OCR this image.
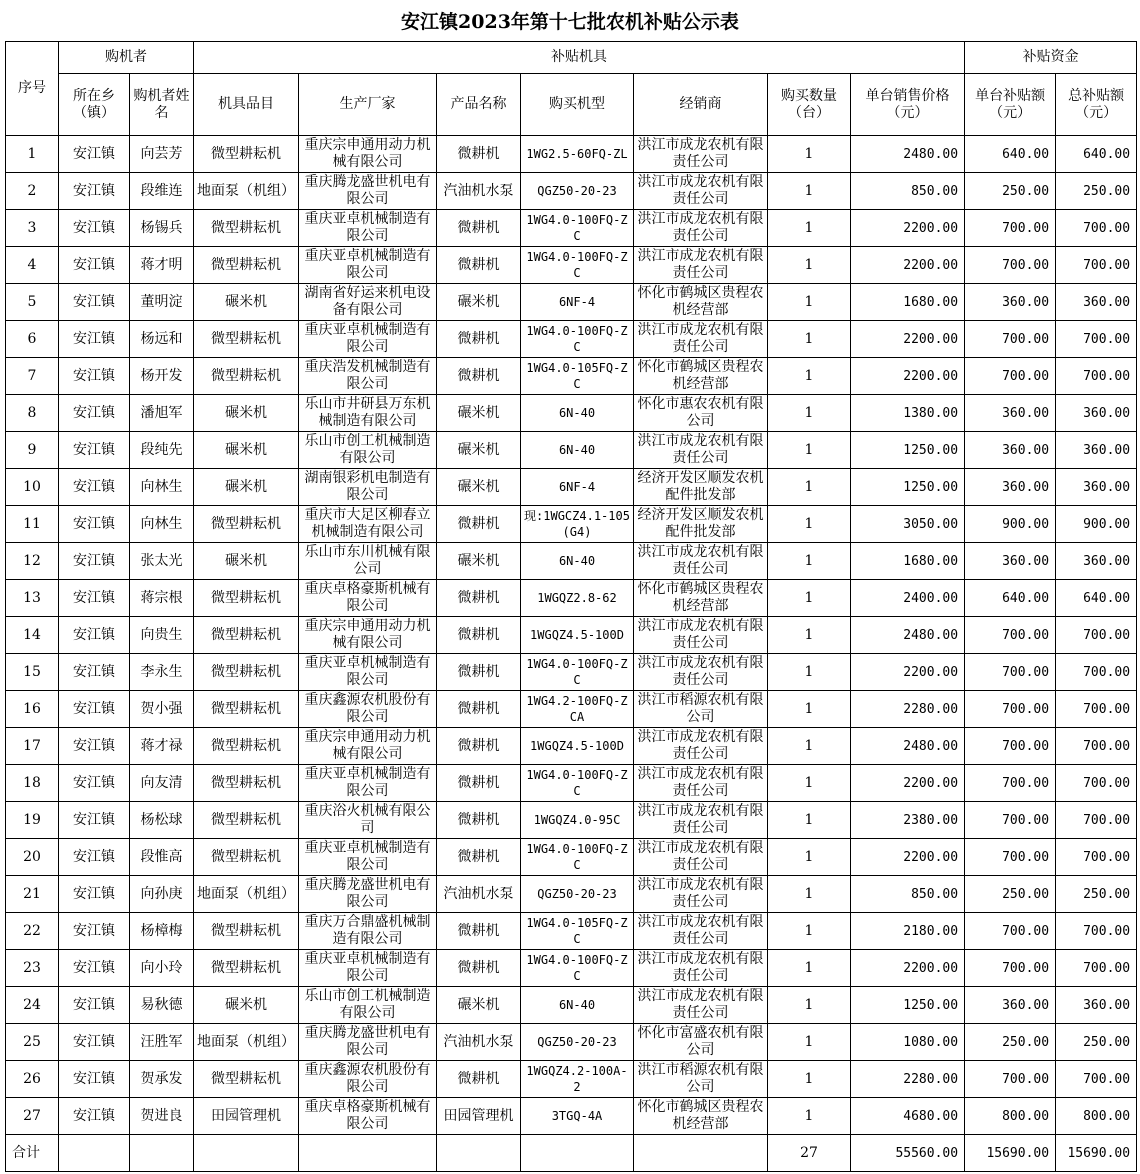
安江镇2023年第十七批农机补贴公示表
序号	购机者		补贴机具							补贴资金	
	所在乡（镇）	购机者姓名	机具品目	生产厂家	产品名称	购买机型	经销商	购买数量（台）	单台销售价格（元）	单台补贴额（元）	总补贴额（元）
1	安江镇	向芸芳	微型耕耘机	重庆宗申通用动力机械有限公司	微耕机	1WG2.5-60FQ-ZL	洪江市成龙农机有限责任公司	1	2480.00	640.00	640.00
2	安江镇	段维连	地面泵（机组）	重庆腾龙盛世机电有限公司	汽油机水泵	QGZ50-20-23	洪江市成龙农机有限责任公司	1	850.00	250.00	250.00
3	安江镇	杨锡兵	微型耕耘机	重庆亚卓机械制造有限公司	微耕机	1WG4.0-100FQ-ZC	洪江市成龙农机有限责任公司	1	2200.00	700.00	700.00
4	安江镇	蒋才明	微型耕耘机	重庆亚卓机械制造有限公司	微耕机	1WG4.0-100FQ-ZC	洪江市成龙农机有限责任公司	1	2200.00	700.00	700.00
5	安江镇	董明淀	碾米机	湖南省好运来机电设备有限公司	碾米机	6NF-4	怀化市鹤城区贵程农机经营部	1	1680.00	360.00	360.00
6	安江镇	杨远和	微型耕耘机	重庆亚卓机械制造有限公司	微耕机	1WG4.0-100FQ-ZC	洪江市成龙农机有限责任公司	1	2200.00	700.00	700.00
7	安江镇	杨开发	微型耕耘机	重庆浩发机械制造有限公司	微耕机	1WG4.0-105FQ-ZC	怀化市鹤城区贵程农机经营部	1	2200.00	700.00	700.00
8	安江镇	潘旭军	碾米机	乐山市井研县万东机械制造有限公司	碾米机	6N-40	怀化市惠农农机有限公司	1	1380.00	360.00	360.00
9	安江镇	段纯先	碾米机	乐山市创工机械制造有限公司	碾米机	6N-40	洪江市成龙农机有限责任公司	1	1250.00	360.00	360.00
10	安江镇	向林生	碾米机	湖南银彩机电制造有限公司	碾米机	6NF-4	经济开发区顺发农机配件批发部	1	1250.00	360.00	360.00
11	安江镇	向林生	微型耕耘机	重庆市大足区柳春立机械制造有限公司	微耕机	现:1WGCZ4.1-105(G4)	经济开发区顺发农机配件批发部	1	3050.00	900.00	900.00
12	安江镇	张太光	碾米机	乐山市东川机械有限公司	碾米机	6N-40	洪江市成龙农机有限责任公司	1	1680.00	360.00	360.00
13	安江镇	蒋宗根	微型耕耘机	重庆卓格豪斯机械有限公司	微耕机	1WGQZ2.8-62	怀化市鹤城区贵程农机经营部	1	2400.00	640.00	640.00
14	安江镇	向贵生	微型耕耘机	重庆宗申通用动力机械有限公司	微耕机	1WGQZ4.5-100D	洪江市成龙农机有限责任公司	1	2480.00	700.00	700.00
15	安江镇	李永生	微型耕耘机	重庆亚卓机械制造有限公司	微耕机	1WG4.0-100FQ-ZC	洪江市成龙农机有限责任公司	1	2200.00	700.00	700.00
16	安江镇	贺小强	微型耕耘机	重庆鑫源农机股份有限公司	微耕机	1WG4.2-100FQ-ZCA	洪江市稻源农机有限公司	1	2280.00	700.00	700.00
17	安江镇	蒋才禄	微型耕耘机	重庆宗申通用动力机械有限公司	微耕机	1WGQZ4.5-100D	洪江市成龙农机有限责任公司	1	2480.00	700.00	700.00
18	安江镇	向友清	微型耕耘机	重庆亚卓机械制造有限公司	微耕机	1WG4.0-100FQ-ZC	洪江市成龙农机有限责任公司	1	2200.00	700.00	700.00
19	安江镇	杨松球	微型耕耘机	重庆浴火机械有限公司	微耕机	1WGQZ4.0-95C	洪江市成龙农机有限责任公司	1	2380.00	700.00	700.00
20	安江镇	段惟高	微型耕耘机	重庆亚卓机械制造有限公司	微耕机	1WG4.0-100FQ-ZC	洪江市成龙农机有限责任公司	1	2200.00	700.00	700.00
21	安江镇	向孙庚	地面泵（机组）	重庆腾龙盛世机电有限公司	汽油机水泵	QGZ50-20-23	洪江市成龙农机有限责任公司	1	850.00	250.00	250.00
22	安江镇	杨樟梅	微型耕耘机	重庆万合鼎盛机械制造有限公司	微耕机	1WG4.0-105FQ-ZC	洪江市成龙农机有限责任公司	1	2180.00	700.00	700.00
23	安江镇	向小玲	微型耕耘机	重庆亚卓机械制造有限公司	微耕机	1WG4.0-100FQ-ZC	洪江市成龙农机有限责任公司	1	2200.00	700.00	700.00
24	安江镇	易秋德	碾米机	乐山市创工机械制造有限公司	碾米机	6N-40	洪江市成龙农机有限责任公司	1	1250.00	360.00	360.00
25	安江镇	汪胜军	地面泵（机组）	重庆腾龙盛世机电有限公司	汽油机水泵	QGZ50-20-23	怀化市富盛农机有限公司	1	1080.00	250.00	250.00
26	安江镇	贺承发	微型耕耘机	重庆鑫源农机股份有限公司	微耕机	1WGQZ4.2-100A-2	洪江市稻源农机有限公司	1	2280.00	700.00	700.00
27	安江镇	贺进良	田园管理机	重庆卓格豪斯机械有限公司	田园管理机	3TGQ-4A	怀化市鹤城区贵程农机经营部	1	4680.00	800.00	800.00
合计								27	55560.00	15690.00	15690.00
